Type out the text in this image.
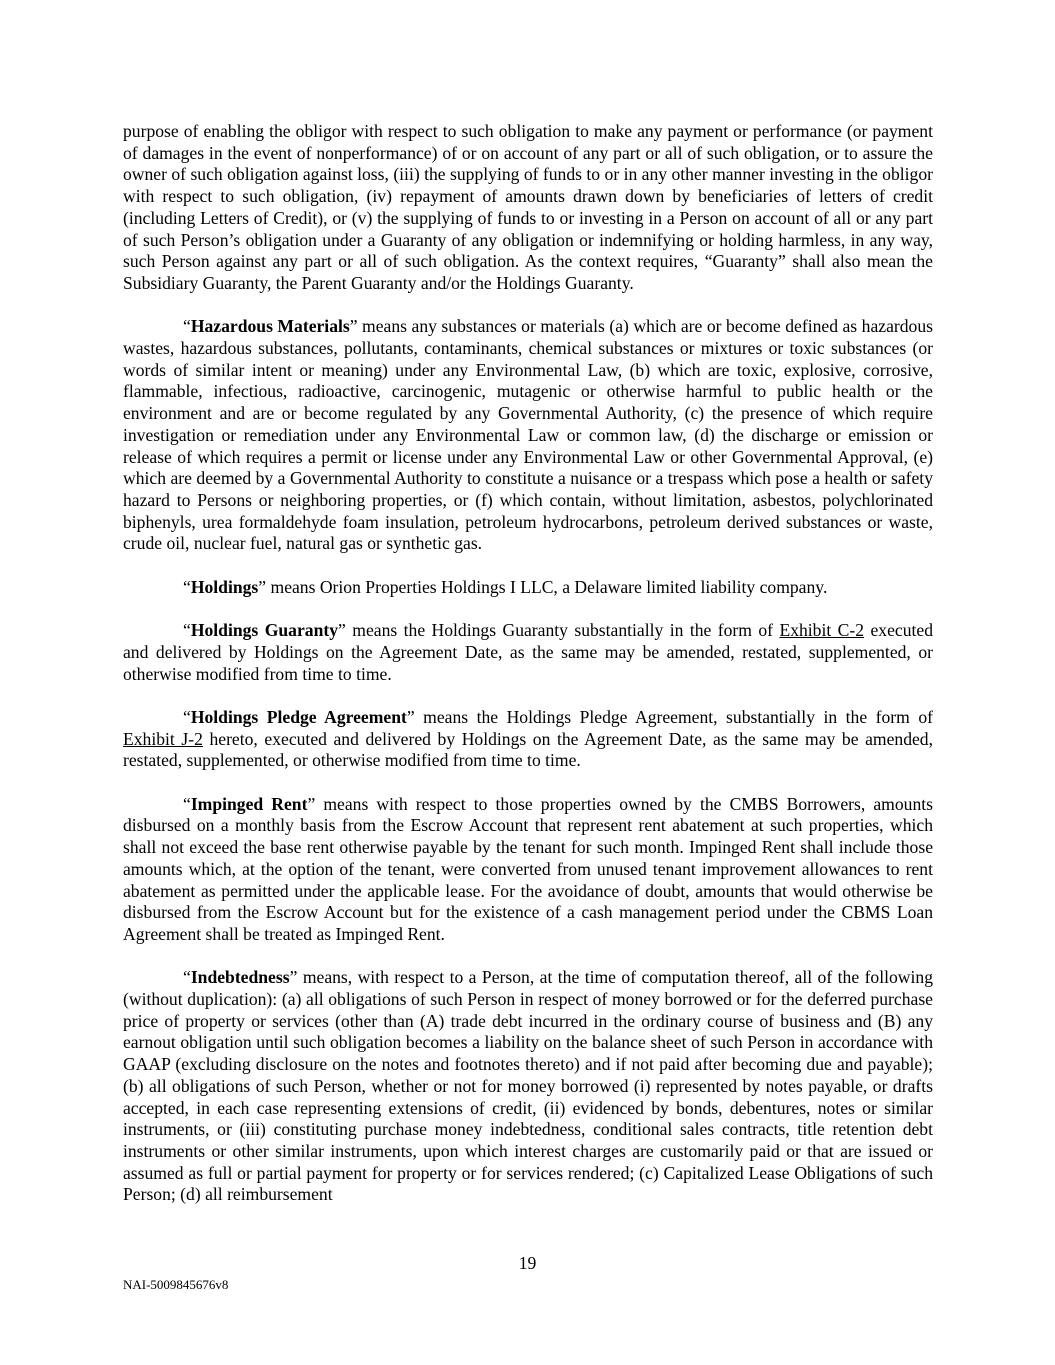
purpose of enabling the obligor with respect to such obligation to make any payment or performance (or payment of damages in the event of nonperformance) of or on account of any part or all of such obligation, or to assure the owner of such obligation against loss, (iii) the supplying of funds to or in any other manner investing in the obligor with respect to such obligation, (iv) repayment of amounts drawn down by beneficiaries of letters of credit (including Letters of Credit), or (v) the supplying of funds to or investing in a Person on account of all or any part of such Person’s obligation under a Guaranty of any obligation or indemnifying or holding harmless, in any way, such Person against any part or all of such obligation. As the context requires, “Guaranty” shall also mean the Subsidiary Guaranty, the Parent Guaranty and/or the Holdings Guaranty.

“Hazardous Materials” means any substances or materials (a) which are or become defined as hazardous wastes, hazardous substances, pollutants, contaminants, chemical substances or mixtures or toxic substances (or words of similar intent or meaning) under any Environmental Law, (b) which are toxic, explosive, corrosive, flammable, infectious, radioactive, carcinogenic, mutagenic or otherwise harmful to public health or the environment and are or become regulated by any Governmental Authority, (c) the presence of which require investigation or remediation under any Environmental Law or common law, (d) the discharge or emission or release of which requires a permit or license under any Environmental Law or other Governmental Approval, (e) which are deemed by a Governmental Authority to constitute a nuisance or a trespass which pose a health or safety hazard to Persons or neighboring properties, or (f) which contain, without limitation, asbestos, polychlorinated biphenyls, urea formaldehyde foam insulation, petroleum hydrocarbons, petroleum derived substances or waste, crude oil, nuclear fuel, natural gas or synthetic gas.

“Holdings” means Orion Properties Holdings I LLC, a Delaware limited liability company.

“Holdings Guaranty” means the Holdings Guaranty substantially in the form of Exhibit C-2 executed and delivered by Holdings on the Agreement Date, as the same may be amended, restated, supplemented, or otherwise modified from time to time.

“Holdings Pledge Agreement” means the Holdings Pledge Agreement, substantially in the form of Exhibit J-2 hereto, executed and delivered by Holdings on the Agreement Date, as the same may be amended, restated, supplemented, or otherwise modified from time to time.

“Impinged Rent” means with respect to those properties owned by the CMBS Borrowers, amounts disbursed on a monthly basis from the Escrow Account that represent rent abatement at such properties, which shall not exceed the base rent otherwise payable by the tenant for such month. Impinged Rent shall include those amounts which, at the option of the tenant, were converted from unused tenant improvement allowances to rent abatement as permitted under the applicable lease. For the avoidance of doubt, amounts that would otherwise be disbursed from the Escrow Account but for the existence of a cash management period under the CBMS Loan Agreement shall be treated as Impinged Rent.

“Indebtedness” means, with respect to a Person, at the time of computation thereof, all of the following (without duplication): (a) all obligations of such Person in respect of money borrowed or for the deferred purchase price of property or services (other than (A) trade debt incurred in the ordinary course of business and (B) any earnout obligation until such obligation becomes a liability on the balance sheet of such Person in accordance with GAAP (excluding disclosure on the notes and footnotes thereto) and if not paid after becoming due and payable); (b) all obligations of such Person, whether or not for money borrowed (i) represented by notes payable, or drafts accepted, in each case representing extensions of credit, (ii) evidenced by bonds, debentures, notes or similar instruments, or (iii) constituting purchase money indebtedness, conditional sales contracts, title retention debt instruments or other similar instruments, upon which interest charges are customarily paid or that are issued or assumed as full or partial payment for property or for services rendered; (c) Capitalized Lease Obligations of such Person; (d) all reimbursement

19
NAI-5009845676v8
